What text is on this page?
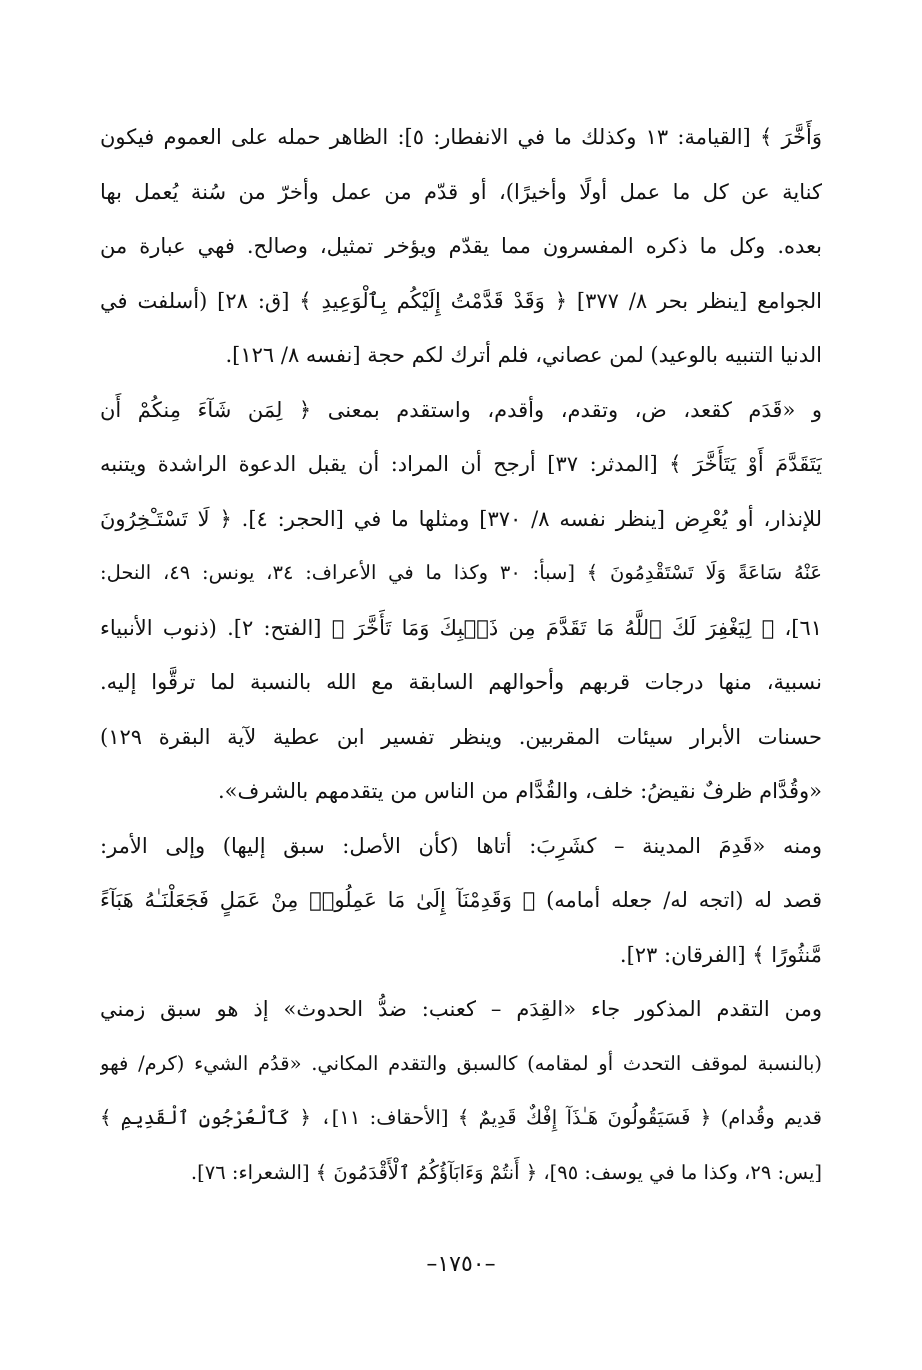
وَأَخَّرَ ﴾ [القيامة: ١٣ وكذلك ما في الانفطار: ٥]: الظاهر حمله على العموم فيكون
كناية عن كل ما عمل أولًا وأخيرًا)، أو قدّم من عمل وأخرّ من سُنة يُعمل بها
بعده. وكل ما ذكره المفسرون مما يقدّم ويؤخر تمثيل، وصالح. فهي عبارة من
الجوامع [ينظر بحر ٨/ ٣٧٧] ﴿ وَقَدْ قَدَّمْتُ إِلَيْكُم بِٱلْوَعِيدِ ﴾ [ق: ٢٨] (أسلفت في
الدنيا التنبيه بالوعيد) لمن عصاني، فلم أترك لكم حجة [نفسه ٨/ ١٢٦].
و «قَدَم كقعد، ض، وتقدم، وأقدم، واستقدم بمعنى ﴿ لِمَن شَآءَ مِنكُمْ أَن
يَتَقَدَّمَ أَوْ يَتَأَخَّرَ ﴾ [المدثر: ٣٧] أرجح أن المراد: أن يقبل الدعوة الراشدة ويتنبه
للإنذار، أو يُعْرِض [ينظر نفسه ٨/ ٣٧٠] ومثلها ما في [الحجر: ٤]. ﴿ لَا تَسْتَـْخِرُونَ
عَنْهُ سَاعَةً وَلَا تَسْتَقْدِمُونَ ﴾ [سبأ: ٣٠ وكذا ما في الأعراف: ٣٤، يونس: ٤٩، النحل:
٦١]، ﴿ لِيَغْفِرَ لَكَ ٱللَّهُ مَا تَقَدَّمَ مِن ذَنۢبِكَ وَمَا تَأَخَّرَ ﴾ [الفتح: ٢]. (ذنوب الأنبياء
نسبية، منها درجات قربهم وأحوالهم السابقة مع الله بالنسبة لما ترقَّوا إليه.
حسنات الأبرار سيئات المقربين. وينظر تفسير ابن عطية لآية البقرة ١٢٩)
«وقُدَّام ظرفٌ نقيضُ: خلف، والقُدَّام من الناس من يتقدمهم بالشرف».
ومنه «قَدِمَ المدينة – كشَرِبَ: أتاها (كأن الأصل: سبق إليها) وإلى الأمر:
قصد له (اتجه له/ جعله أمامه) ﴿ وَقَدِمْنَآ إِلَىٰ مَا عَمِلُوا۟ مِنْ عَمَلٍ فَجَعَلْنَـٰهُ هَبَآءً
مَّنثُورًا ﴾ [الفرقان: ٢٣].
ومن التقدم المذكور جاء «القِدَم – كعنب: ضدُّ الحدوث» إذ هو سبق زمني
(بالنسبة لموقف التحدث أو لمقامه) كالسبق والتقدم المكاني. «قدُم الشيء (كرم/ فهو
قديم وقُدام) ﴿ فَسَيَقُولُونَ هَـٰذَآ إِفْكٌ قَدِيمٌ ﴾ [الأحقاف: ١١]، ﴿ كَٱلْعُرْجُونِ ٱلْقَدِيمِ ﴾
[يس: ٢٩، وكذا ما في يوسف: ٩٥]، ﴿ أَنتُمْ وَءَابَآؤُكُمُ ٱلْأَقْدَمُونَ ﴾ [الشعراء: ٧٦].
–١٧٥٠–
